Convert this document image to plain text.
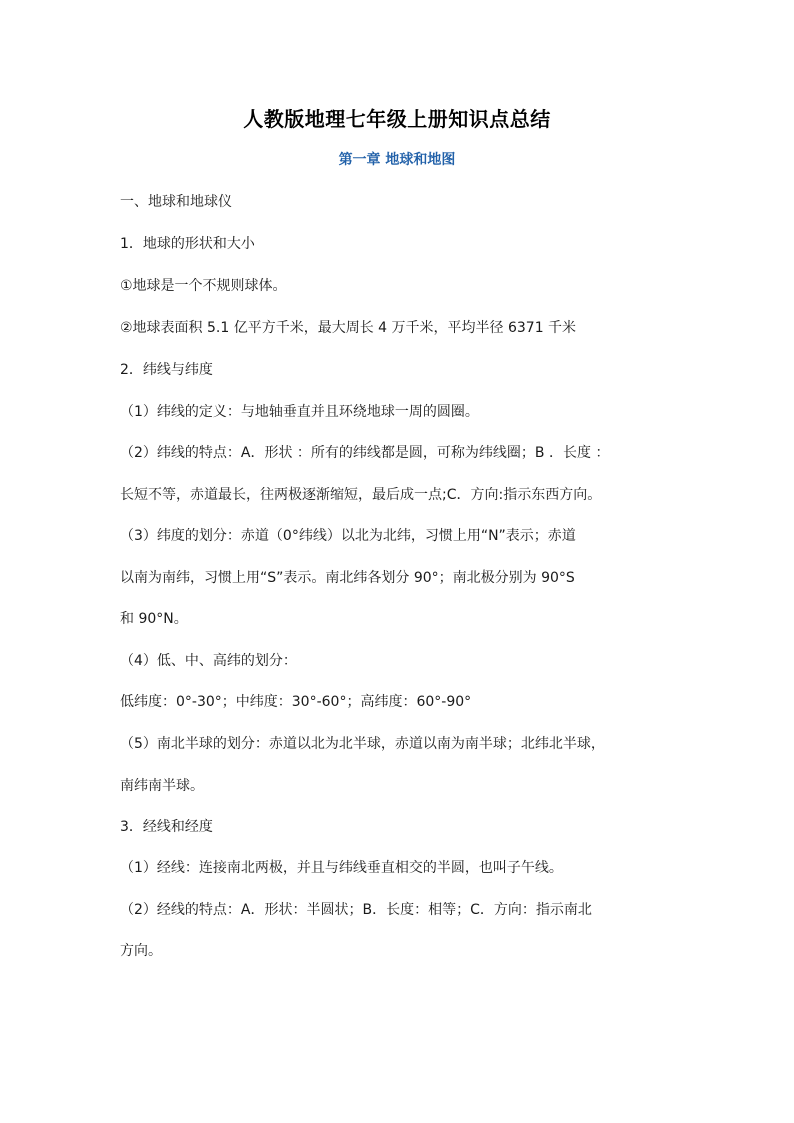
人教版地理七年级上册知识点总结
第一章 地球和地图

一、地球和地球仪

1．地球的形状和大小

①地球是一个不规则球体。

②地球表面积 5.1 亿平方千米，最大周长 4 万千米，平均半径 6371 千米

2．纬线与纬度

（1）纬线的定义：与地轴垂直并且环绕地球一周的圆圈。

（2）纬线的特点：A．形状 ：所有的纬线都是圆，可称为纬线圈；B ．长度 ：

长短不等，赤道最长，往两极逐渐缩短，最后成一点;C．方向:指示东西方向。

（3）纬度的划分：赤道（0°纬线）以北为北纬，习惯上用“N”表示；赤道

以南为南纬，习惯上用“S”表示。南北纬各划分 90°；南北极分别为 90°S

和 90°N。

（4）低、中、高纬的划分：

低纬度：0°-30°；中纬度：30°-60°；高纬度：60°-90°

（5）南北半球的划分：赤道以北为北半球，赤道以南为南半球；北纬北半球，

南纬南半球。

3．经线和经度

（1）经线：连接南北两极，并且与纬线垂直相交的半圆，也叫子午线。

（2）经线的特点：A．形状：半圆状；B．长度：相等；C．方向：指示南北

方向。
